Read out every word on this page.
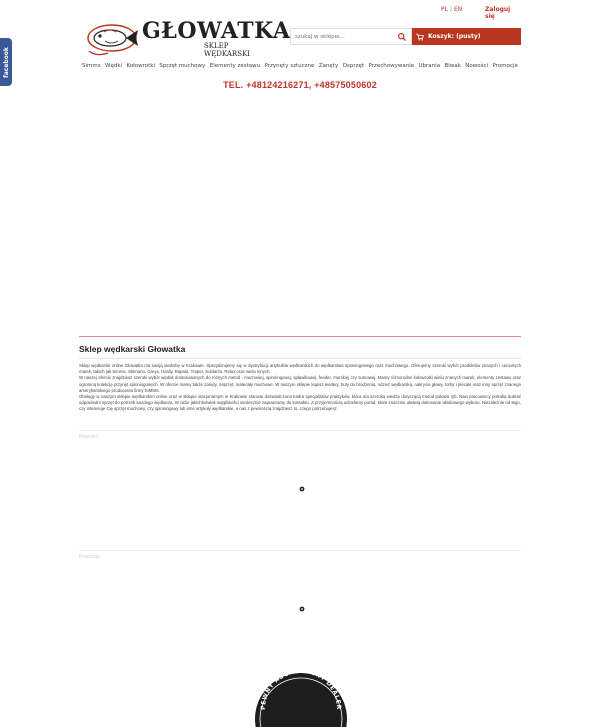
facebook
PL / EN	Zaloguj się
GŁOWATKA
SKLEP WĘDKARSKI
szukaj w sklepie...
Koszyk: (pusty)
Simms Wędki Kołowrotki Sprzęt muchowy Elementy zestawu Przynęty sztuczne Zanęty Osprzęt Przechowywanie Ubrania Biwak Nowości Promocje
TEL. +48124216271, +48575050602
Sklep wędkarski Głowatka

Sklep wędkarski online Głowatka ma swoją siedzibę w Krakowie. Specjalizujemy się w dystrybucji artykułów wędkarskich do wędkarstwa spinningowego oraz muchowego. Oferujemy szeroki wybór produktów znanych i cenionych marek, takich jak Simms, Shimano, Greys, Hardy, Rapala, Traper, Soldarini, Relax oraz wielu innych.

W naszej ofercie znajdziesz szeroki wybór wędek dostosowanych do różnych metod - muchowej, spinningowej, spławikowej, feeder, morskiej czy sumowej. Mamy różnorodne kołowrotki wielu znanych marek, elementy zestawu oraz ogromną kolekcję przynęt spinningowych. W ofercie mamy także zanęty, osprzęt, materiały muchowe. W naszym sklepie kupisz wodery, buty do brodzenia, odzież wędkarską, nakrycia głowy, torby i plecaki oraz inny sprzęt znanego amerykańskiego producenta firmy SIMMS.

Obsługę w naszym sklepie wędkarskim online oraz w sklepie stacjonarnym w Krakowie stanowi doświadczona kadra specjalistów praktyków, która ma szeroką wiedzę dotyczącą metod połowu ryb. Nasi pracownicy potrafią dobrać odpowiedni sprzęt do potrzeb każdego wędkarza. W razie jakichkolwiek wątpliwości serdecznie zapraszamy do kontaktu. Z przyjemnością udzielamy porad, które znacznie ułatwią dokonanie właściwego wyboru. Niezależnie od tego, czy interesuje Cię sprzęt muchowy, czy spinningowy lub inne artykuły wędkarskie, u nas z pewnością znajdziesz to, czego potrzebujesz.

Nowości
Promocje
PEWNY ASORTYMENT DEALER
